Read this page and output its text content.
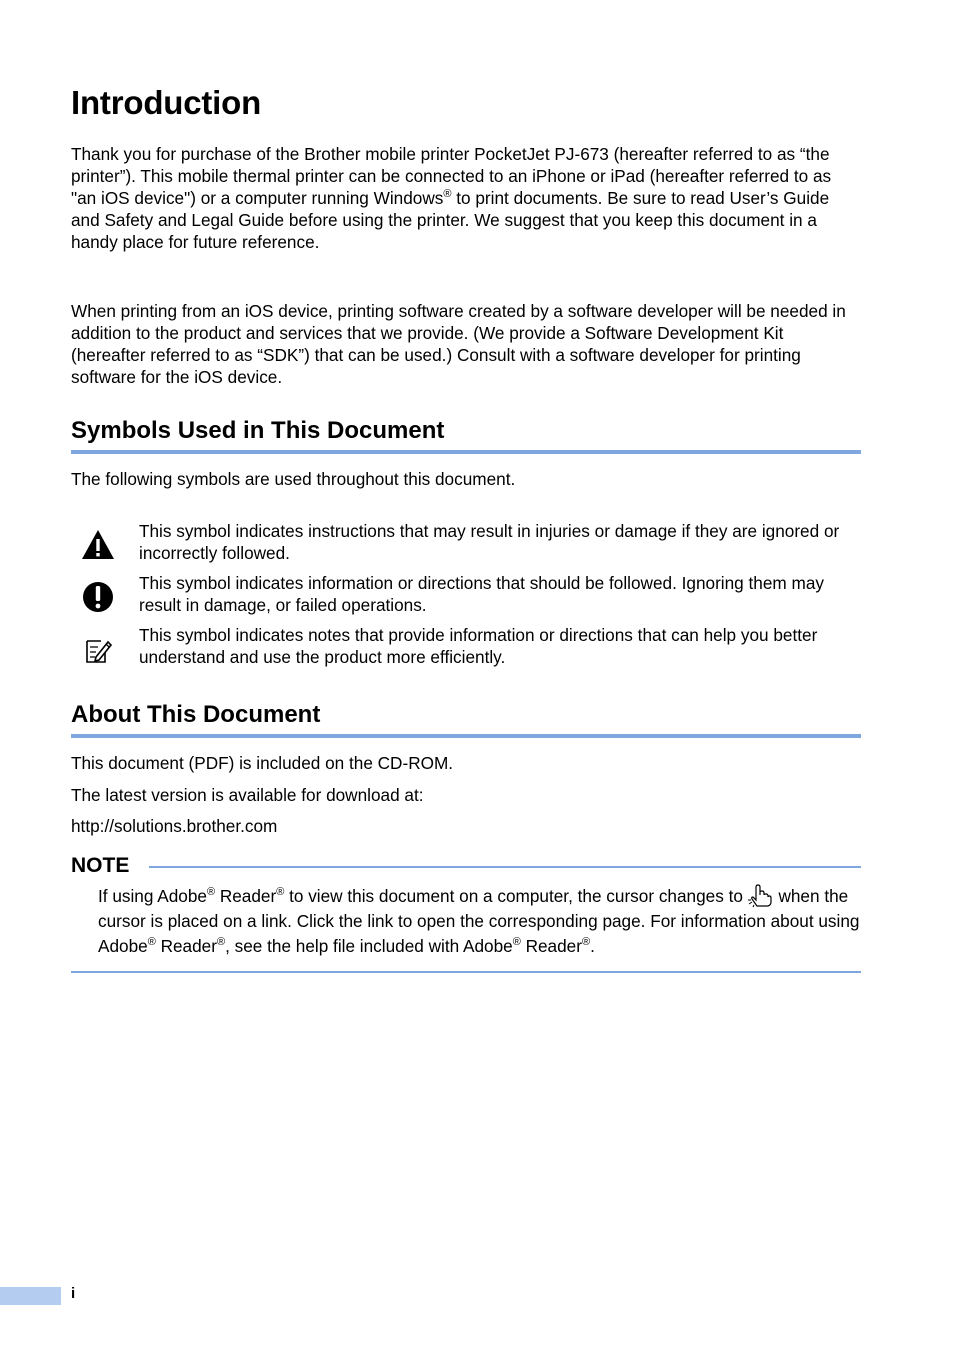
Introduction

Thank you for purchase of the Brother mobile printer PocketJet PJ-673 (hereafter referred to as “the printer”). This mobile thermal printer can be connected to an iPhone or iPad (hereafter referred to as "an iOS device") or a computer running Windows® to print documents. Be sure to read User’s Guide and Safety and Legal Guide before using the printer. We suggest that you keep this document in a handy place for future reference.

When printing from an iOS device, printing software created by a software developer will be needed in addition to the product and services that we provide. (We provide a Software Development Kit (hereafter referred to as “SDK”) that can be used.) Consult with a software developer for printing software for the iOS device.

Symbols Used in This Document

The following symbols are used throughout this document.

This symbol indicates instructions that may result in injuries or damage if they are ignored or incorrectly followed.

This symbol indicates information or directions that should be followed. Ignoring them may result in damage, or failed operations.

This symbol indicates notes that provide information or directions that can help you better understand and use the product more efficiently.

About This Document

This document (PDF) is included on the CD-ROM.

The latest version is available for download at:

http://solutions.brother.com

NOTE

If using Adobe® Reader® to view this document on a computer, the cursor changes to  when the cursor is placed on a link. Click the link to open the corresponding page. For information about using Adobe® Reader®, see the help file included with Adobe® Reader®.

i
